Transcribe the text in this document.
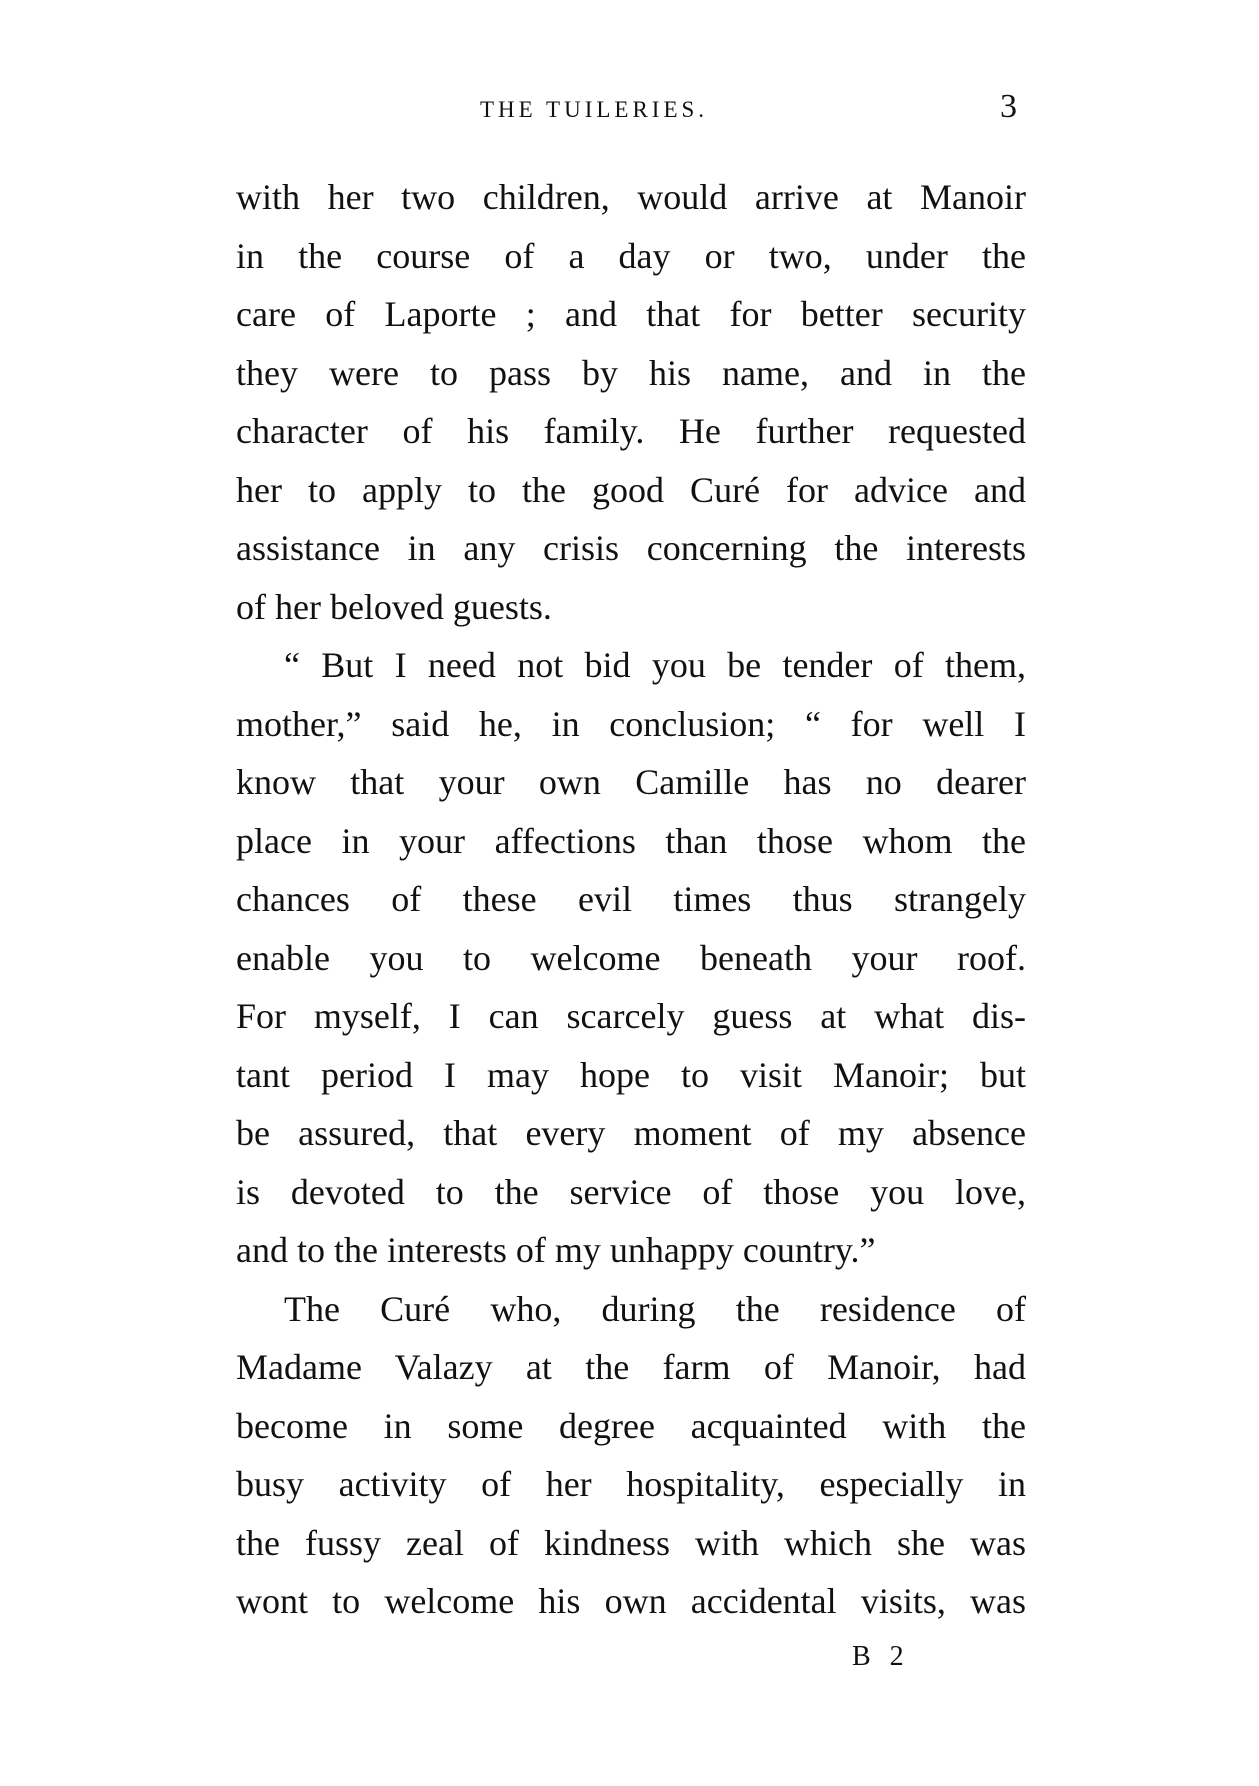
THE TUILERIES.	3
with her two children, would arrive at Manoir
in the course of a day or two, under the
care of Laporte ; and that for better security
they were to pass by his name, and in the
character of his family. He further requested
her to apply to the good Curé for advice and
assistance in any crisis concerning the interests
of her beloved guests.
“ But I need not bid you be tender of them,
mother,” said he, in conclusion; “ for well I
know that your own Camille has no dearer
place in your affections than those whom the
chances of these evil times thus strangely
enable you to welcome beneath your roof.
For myself, I can scarcely guess at what dis-
tant period I may hope to visit Manoir; but
be assured, that every moment of my absence
is devoted to the service of those you love,
and to the interests of my unhappy country.”
The Curé who, during the residence of
Madame Valazy at the farm of Manoir, had
become in some degree acquainted with the
busy activity of her hospitality, especially in
the fussy zeal of kindness with which she was
wont to welcome his own accidental visits, was
B 2
